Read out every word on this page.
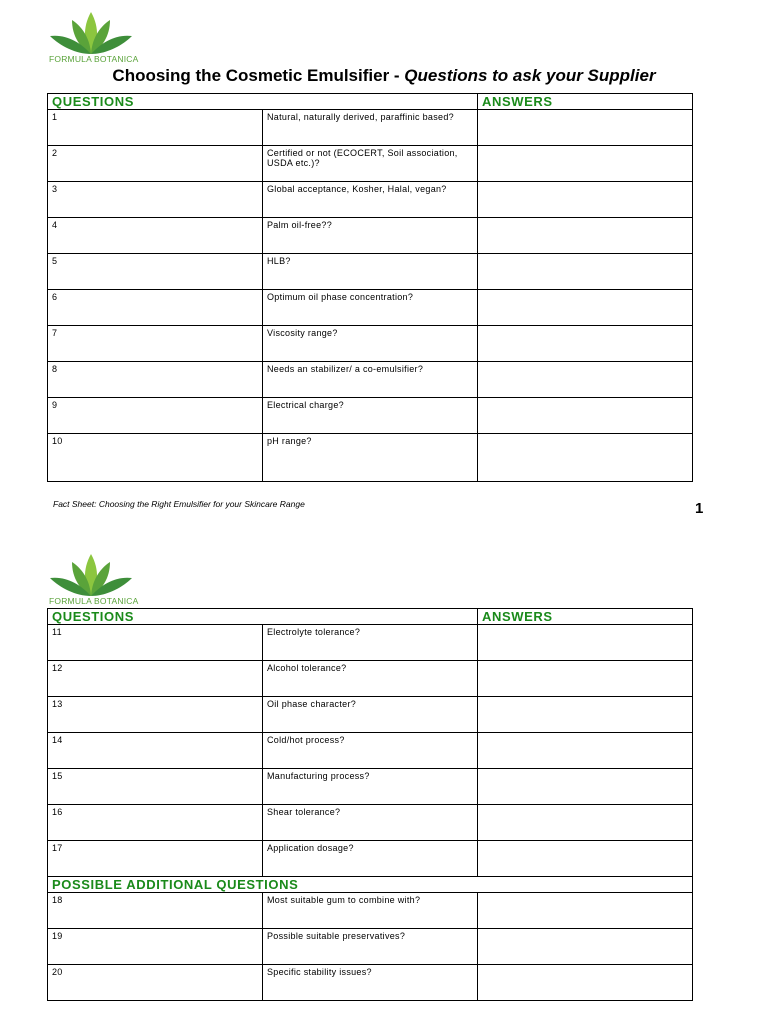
FORMULA BOTANICA
Choosing the Cosmetic Emulsifier - Questions to ask your Supplier
QUESTIONS		ANSWERS
1	Natural, naturally derived, paraffinic based?	
2	Certified or not (ECOCERT, Soil association, USDA etc.)?	
3	Global acceptance, Kosher, Halal, vegan?	
4	Palm oil-free??	
5	HLB?	
6	Optimum oil phase concentration?	
7	Viscosity range?	
8	Needs an stabilizer/ a co-emulsifier?	
9	Electrical charge?	
10	pH range?	
Fact Sheet: Choosing the Right Emulsifier for your Skincare Range	1
FORMULA BOTANICA
QUESTIONS		ANSWERS
11	Electrolyte tolerance?	
12	Alcohol tolerance?	
13	Oil phase character?	
14	Cold/hot process?	
15	Manufacturing process?	
16	Shear tolerance?	
17	Application dosage?	
POSSIBLE ADDITIONAL QUESTIONS		
18	Most suitable gum to combine with?	
19	Possible suitable preservatives?	
20	Specific stability issues?	
